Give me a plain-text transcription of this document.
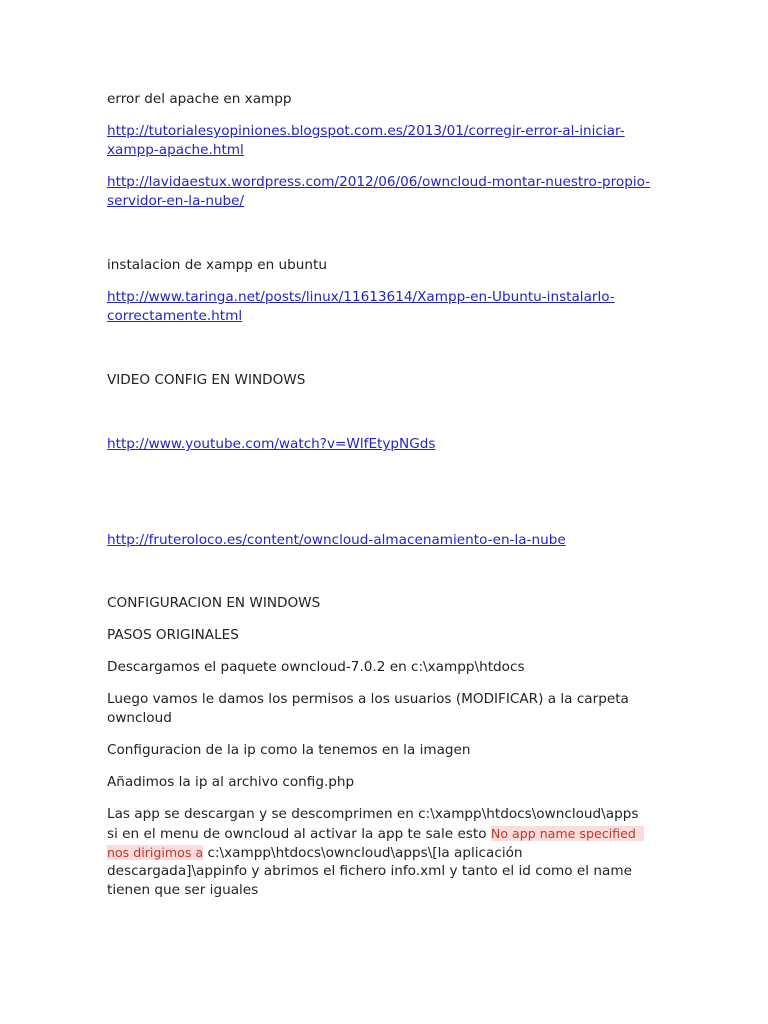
error del apache en xampp
http://tutorialesyopiniones.blogspot.com.es/2013/01/corregir-error-al-iniciar-
xampp-apache.html
http://lavidaestux.wordpress.com/2012/06/06/owncloud-montar-nuestro-propio-
servidor-en-la-nube/
instalacion de xampp en ubuntu
http://www.taringa.net/posts/linux/11613614/Xampp-en-Ubuntu-instalarlo-
correctamente.html
VIDEO CONFIG EN WINDOWS
http://www.youtube.com/watch?v=WlfEtypNGds
http://fruteroloco.es/content/owncloud-almacenamiento-en-la-nube
CONFIGURACION EN WINDOWS
PASOS ORIGINALES
Descargamos el paquete owncloud-7.0.2 en c:\xampp\htdocs
Luego vamos le damos los permisos a los usuarios (MODIFICAR) a la carpeta
owncloud
Configuracion de la ip como la tenemos en la imagen
Añadimos la ip al archivo config.php
Las app se descargan y se descomprimen en c:\xampp\htdocs\owncloud\apps
si en el menu de owncloud al activar la app te sale esto No app name specified
nos dirigimos a c:\xampp\htdocs\owncloud\apps\[la aplicación
descargada]\appinfo y abrimos el fichero info.xml y tanto el id como el name
tienen que ser iguales
